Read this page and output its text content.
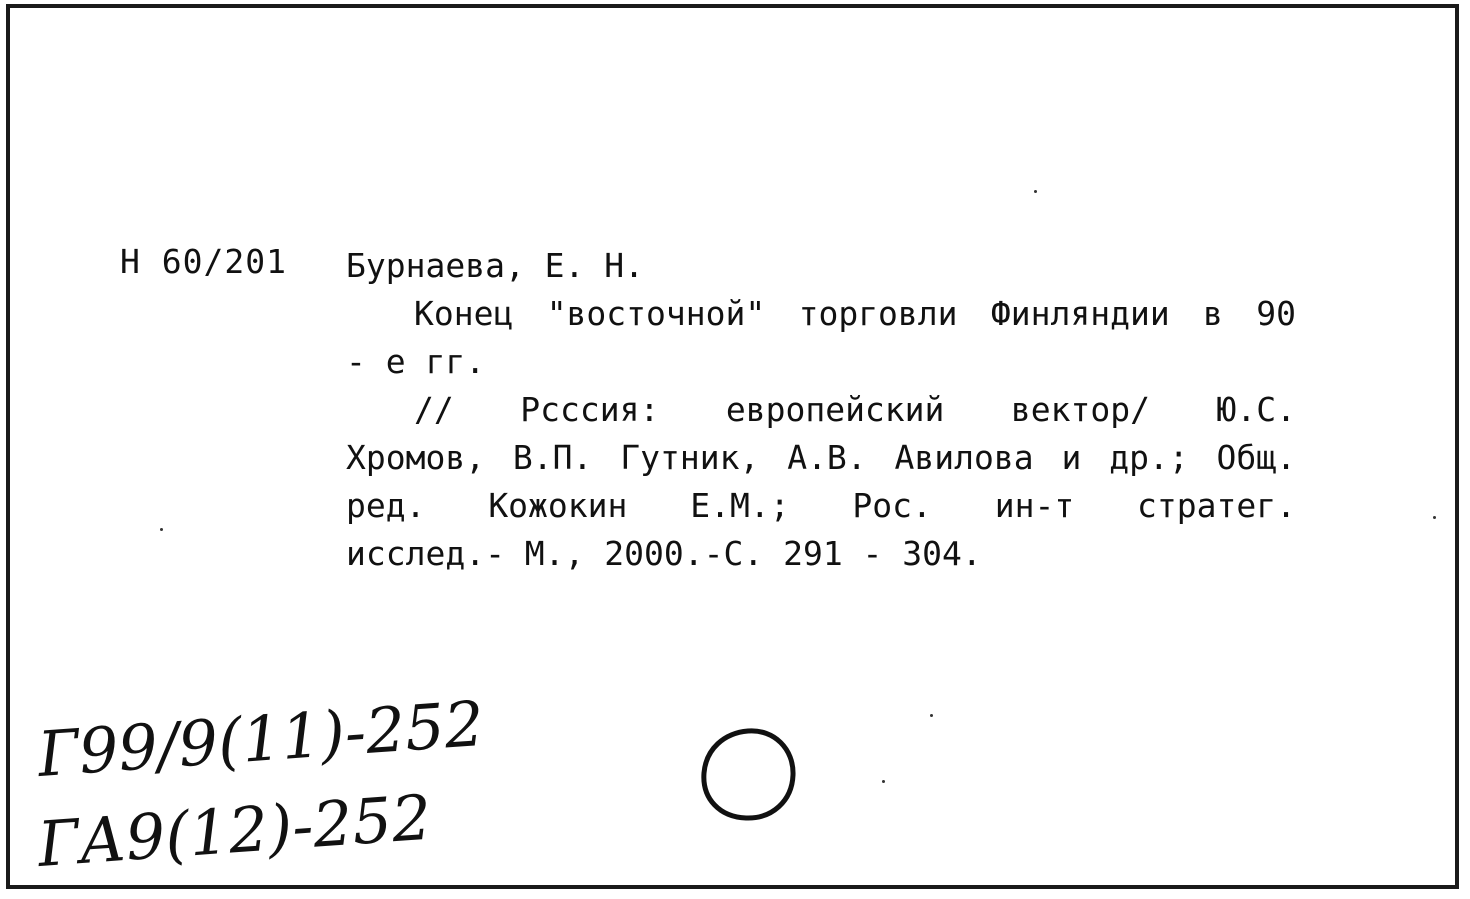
Н 60/201 Бурнаева, Е. Н.
Конец "восточной" торговли Финляндии в 90
- е гг.
// Рссcия: европейский вектор/ Ю.С.
Хромов, В.П. Гутник, А.В. Авилова и др.; Общ.
ред. Кожокин Е.М.; Рос. ин-т стратег.
исслед.- М., 2000.-С. 291 - 304.
Г99/9(11)-252
ГА9(12)-252
